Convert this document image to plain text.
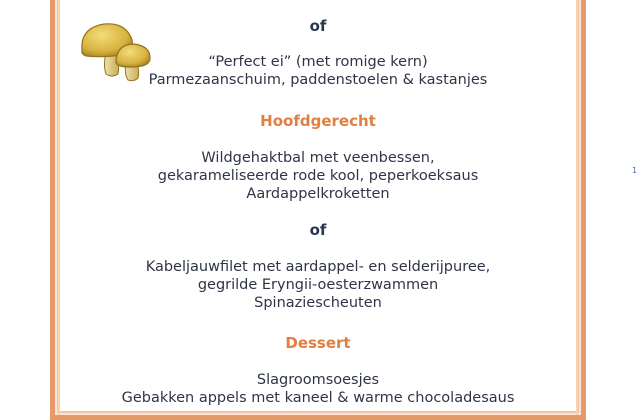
of
“Perfect ei” (met romige kern)
Parmezaanschuim, paddenstoelen & kastanjes
Hoofdgerecht
Wildgehaktbal met veenbessen,
gekarameliseerde rode kool, peperkoeksaus
Aardappelkroketten
of
Kabeljauwfilet met aardappel- en selderijpuree,
gegrilde Eryngii-oesterzwammen
Spinaziescheuten
Dessert
Slagroomsoesjes
Gebakken appels met kaneel & warme chocoladesaus
1
